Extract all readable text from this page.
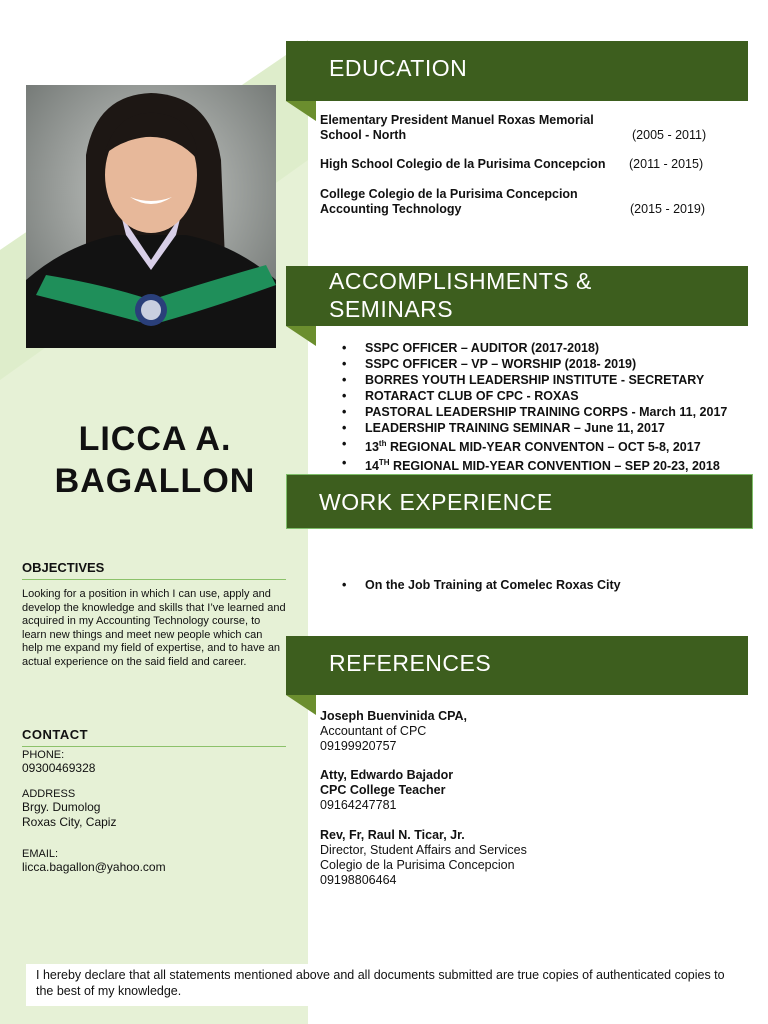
LICCA A.
BAGALLON
OBJECTIVES
Looking for a position in which I can use, apply and develop the knowledge and skills that I’ve learned and acquired in my Accounting Technology course, to learn new things and meet new people which can help me expand my field of expertise, and to have an actual experience on the said field and career.
CONTACT
PHONE:
09300469328
ADDRESS
Brgy. Dumolog
Roxas City, Capiz
EMAIL:
licca.bagallon@yahoo.com
EDUCATION
Elementary President Manuel Roxas Memorial
School - North	(2005 - 2011)
High School Colegio de la Purisima Concepcion (2011 - 2015)
College Colegio de la Purisima Concepcion
Accounting Technology	(2015 - 2019)
ACCOMPLISHMENTS &
SEMINARS
• SSPC OFFICER – AUDITOR (2017-2018)
• SSPC OFFICER – VP – WORSHIP (2018- 2019)
• BORRES YOUTH LEADERSHIP INSTITUTE - SECRETARY
• ROTARACT CLUB OF CPC - ROXAS
• PASTORAL LEADERSHIP TRAINING CORPS - March 11, 2017
• LEADERSHIP TRAINING SEMINAR – June 11, 2017
• 13th REGIONAL MID-YEAR CONVENTON – OCT 5-8, 2017
• 14TH REGIONAL MID-YEAR CONVENTION – SEP 20-23, 2018
WORK EXPERIENCE
• On the Job Training at Comelec Roxas City
REFERENCES
Joseph Buenvinida CPA,
Accountant of CPC
09199920757
Atty, Edwardo Bajador
CPC College Teacher
09164247781
Rev, Fr, Raul N. Ticar, Jr.
Director, Student Affairs and Services
Colegio de la Purisima Concepcion
09198806464
I hereby declare that all statements mentioned above and all documents submitted are true copies of authenticated copies to the best of my knowledge.
